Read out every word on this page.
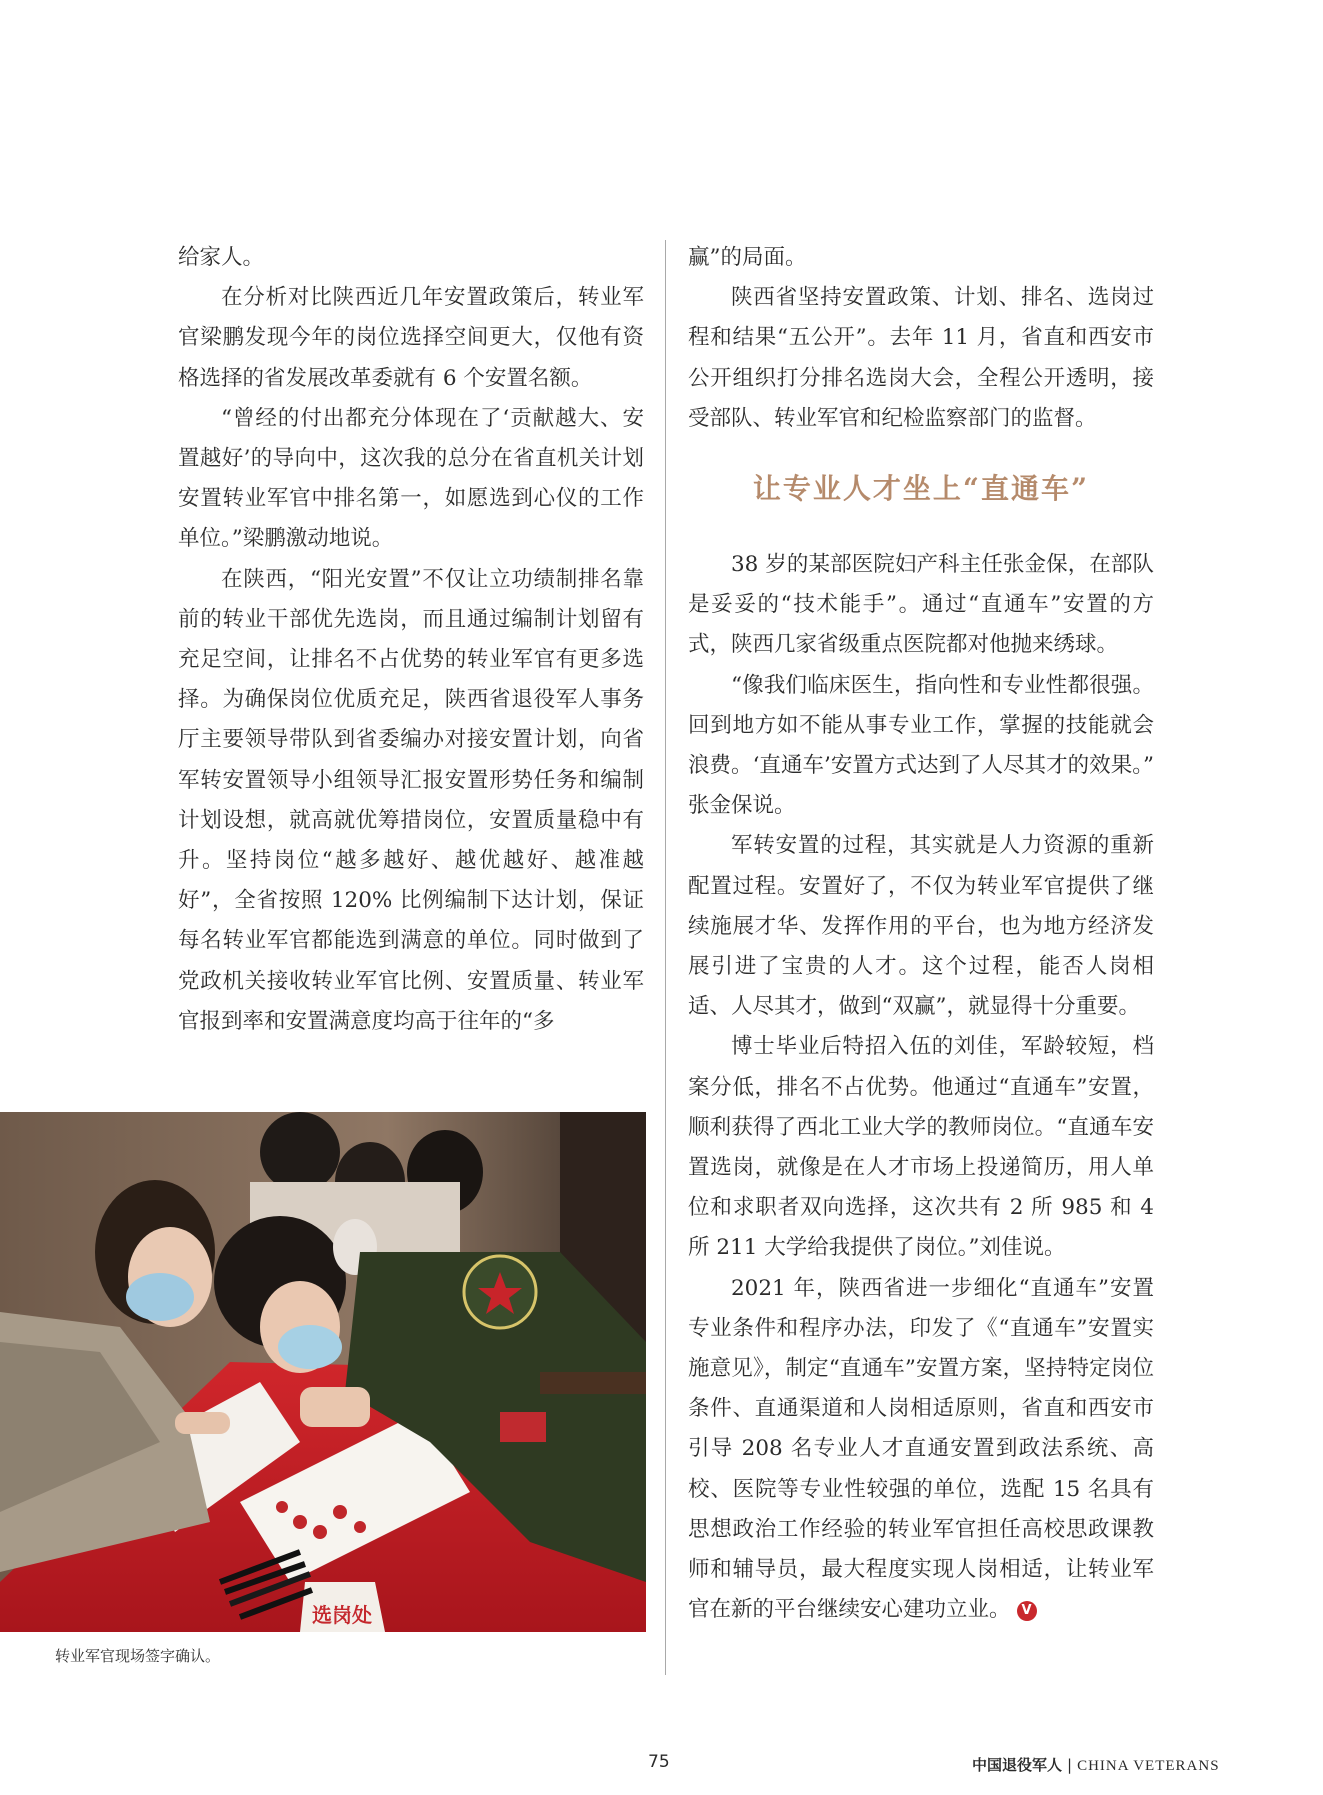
给家人。

在分析对比陕西近几年安置政策后，转业军官梁鹏发现今年的岗位选择空间更大，仅他有资格选择的省发展改革委就有 6 个安置名额。

“曾经的付出都充分体现在了‘贡献越大、安置越好’的导向中，这次我的总分在省直机关计划安置转业军官中排名第一，如愿选到心仪的工作单位。”梁鹏激动地说。

在陕西，“阳光安置”不仅让立功绩制排名靠前的转业干部优先选岗，而且通过编制计划留有充足空间，让排名不占优势的转业军官有更多选择。为确保岗位优质充足，陕西省退役军人事务厅主要领导带队到省委编办对接安置计划，向省军转安置领导小组领导汇报安置形势任务和编制计划设想，就高就优筹措岗位，安置质量稳中有升。坚持岗位“越多越好、越优越好、越准越好”，全省按照 120% 比例编制下达计划，保证每名转业军官都能选到满意的单位。同时做到了党政机关接收转业军官比例、安置质量、转业军官报到率和安置满意度均高于往年的“多

赢”的局面。

陕西省坚持安置政策、计划、排名、选岗过程和结果“五公开”。去年 11 月，省直和西安市公开组织打分排名选岗大会，全程公开透明，接受部队、转业军官和纪检监察部门的监督。

让专业人才坐上“直通车”

38 岁的某部医院妇产科主任张金保，在部队是妥妥的“技术能手”。通过“直通车”安置的方式，陕西几家省级重点医院都对他抛来绣球。

“像我们临床医生，指向性和专业性都很强。回到地方如不能从事专业工作，掌握的技能就会浪费。‘直通车’安置方式达到了人尽其才的效果。” 张金保说。

军转安置的过程，其实就是人力资源的重新配置过程。安置好了，不仅为转业军官提供了继续施展才华、发挥作用的平台，也为地方经济发展引进了宝贵的人才。这个过程，能否人岗相适、人尽其才，做到“双赢”，就显得十分重要。

博士毕业后特招入伍的刘佳，军龄较短，档案分低，排名不占优势。他通过“直通车”安置，顺利获得了西北工业大学的教师岗位。“直通车安置选岗，就像是在人才市场上投递简历，用人单位和求职者双向选择，这次共有 2 所 985 和 4 所 211 大学给我提供了岗位。”刘佳说。

2021 年，陕西省进一步细化“直通车”安置专业条件和程序办法，印发了《“直通车”安置实施意见》，制定“直通车”安置方案，坚持特定岗位条件、直通渠道和人岗相适原则，省直和西安市引导 208 名专业人才直通安置到政法系统、高校、医院等专业性较强的单位，选配 15 名具有思想政治工作经验的转业军官担任高校思政课教师和辅导员，最大程度实现人岗相适，让转业军官在新的平台继续安心建功立业。 V

选岗处
转业军官现场签字确认。
75	中国退役军人 | CHINA VETERANS
